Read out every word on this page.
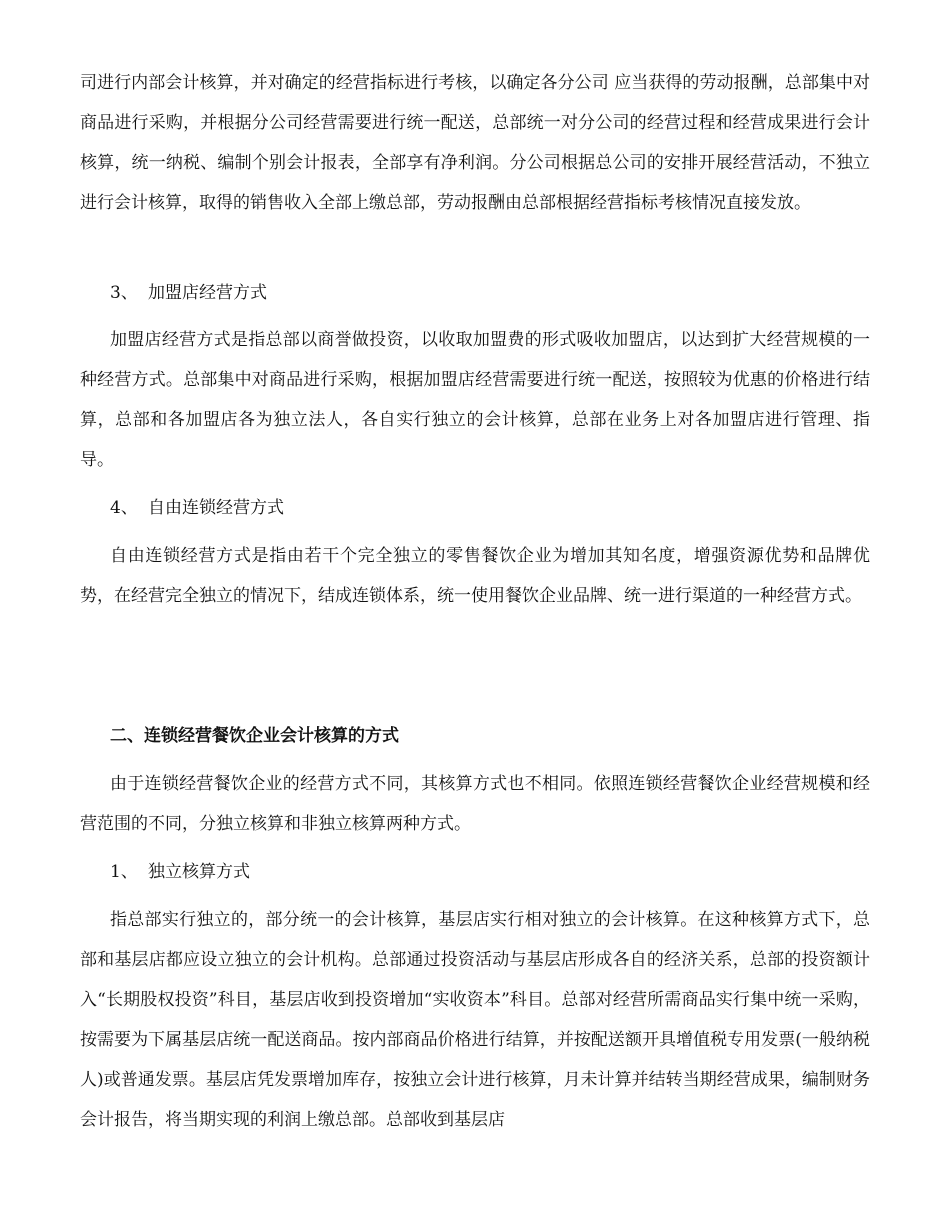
司进行内部会计核算，并对确定的经营指标进行考核，以确定各分公司 应当获得的劳动报酬，总部集中对商品进行采购，并根据分公司经营需要进行统一配送，总部统一对分公司的经营过程和经营成果进行会计核算，统一纳税、编制个别会计报表，全部享有净利润。分公司根据总公司的安排开展经营活动，不独立进行会计核算，取得的销售收入全部上缴总部，劳动报酬由总部根据经营指标考核情况直接发放。

3、 加盟店经营方式

加盟店经营方式是指总部以商誉做投资，以收取加盟费的形式吸收加盟店，以达到扩大经营规模的一种经营方式。总部集中对商品进行采购，根据加盟店经营需要进行统一配送，按照较为优惠的价格进行结算，总部和各加盟店各为独立法人，各自实行独立的会计核算，总部在业务上对各加盟店进行管理、指导。

4、 自由连锁经营方式

自由连锁经营方式是指由若干个完全独立的零售餐饮企业为增加其知名度，增强资源优势和品牌优势，在经营完全独立的情况下，结成连锁体系，统一使用餐饮企业品牌、统一进行渠道的一种经营方式。

二、连锁经营餐饮企业会计核算的方式

由于连锁经营餐饮企业的经营方式不同，其核算方式也不相同。依照连锁经营餐饮企业经营规模和经营范围的不同，分独立核算和非独立核算两种方式。

1、 独立核算方式

指总部实行独立的，部分统一的会计核算，基层店实行相对独立的会计核算。在这种核算方式下，总部和基层店都应设立独立的会计机构。总部通过投资活动与基层店形成各自的经济关系，总部的投资额计入“长期股权投资”科目，基层店收到投资增加“实收资本”科目。总部对经营所需商品实行集中统一采购，按需要为下属基层店统一配送商品。按内部商品价格进行结算，并按配送额开具增值税专用发票(一般纳税人)或普通发票。基层店凭发票增加库存，按独立会计进行核算，月未计算并结转当期经营成果，编制财务会计报告，将当期实现的利润上缴总部。总部收到基层店
